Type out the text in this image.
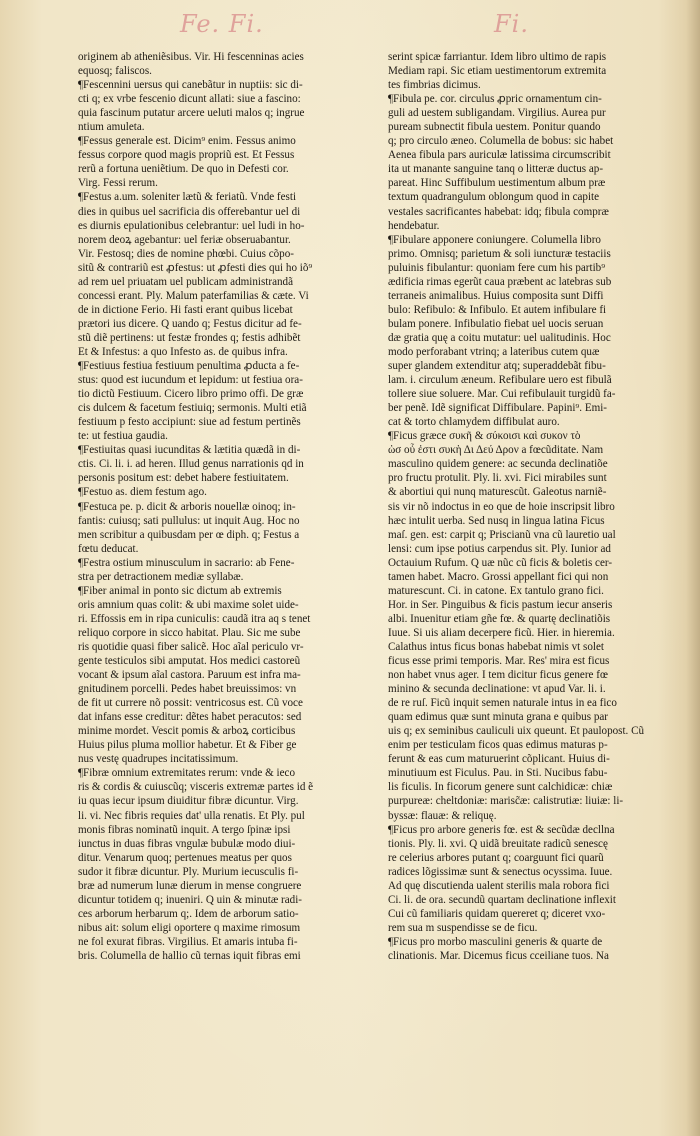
Fe. Fi.	Fi.
originem ab atheniẽsibus. Vir. Hi fescenninas acies
equosq; faliscos.
¶Fescennini uersus qui canebãtur in nuptiis: sic di-
cti q; ex vrbe fescenio dicunt allati: siue a fascino:
quia fascinum putatur arcere ueluti malos q; ingrue
ntium amuleta.
¶Fessus generale est. Dicim⁹ enim. Fessus animo
fessus corpore quod magis propriũ est. Et Fessus
rerũ a fortuna ueniẽtium. De quo in Defesti cor.
Virg. Fessi rerum.
¶Festus a.um. soleniter lætũ & feriatũ. Vnde festi
dies in quibus uel sacrificia dis offerebantur uel di
es diurnis epulationibus celebrantur: uel ludi in ho-
norem deoꝝ agebantur: uel feriæ obseruabantur.
Vir. Festosq; dies de nomine phœbi. Cuius cõpo-
sitũ & contrariũ est ꝓfestus: ut ꝓfesti dies qui ho iõ⁹
ad rem uel priuatam uel publicam administrandã
concessi erant. Ply. Malum paterfamilias & cæte. Vi
de in dictione Ferio. Hi fasti erant quibus licebat
prætori ius dicere. Q uando q; Festus dicitur ad fe-
stũ diẽ pertinens: ut festæ frondes q; festis adhibẽt
Et & Infestus: a quo Infesto as. de quibus infra.
¶Festiuus festiua festiuum penultima ꝓducta a fe-
stus: quod est iucundum et lepidum: ut festiua ora-
tio dictũ Festiuum. Cicero libro primo offi. De græ
cis dulcem & facetum festiuiq; sermonis. Multi etiã
festiuum p festo accipiunt: siue ad festum pertinẽs
te: ut festiua gaudia.
¶Festiuitas quasi iucunditas & lætitia quædã in di-
ctis. Ci. li. i. ad heren. Illud genus narrationis qd in
personis positum est: debet habere festiuitatem.
¶Festuo as. diem festum ago.
¶Festuca pe. p. dicit & arboris nouellæ oinoq; in-
fantis: cuiusq; sati pullulus: ut inquit Aug. Hoc no
men scribitur a quibusdam per œ diph. q; Festus a
fœtu deducat.
¶Festra ostium minusculum in sacrario: ab Fene-
stra per detractionem mediæ syllabæ.
¶Fiber animal in ponto sic dictum ab extremis
oris amnium quas colit: & ubi maxime solet uide-
ri. Effossis em in ripa cuniculis: caudã itra aq s tenet
reliquo corpore in sicco habitat. Plau. Sic me sube
ris quotidie quasi fiber salicẽ. Hoc aĩal periculo vr-
gente testiculos sibi amputat. Hos medici castoreũ
vocant & ipsum aĩal castora. Paruum est infra ma-
gnitudinem porcelli. Pedes habet breuissimos: vn
de fit ut currere nõ possit: ventricosus est. Cũ voce
dat infans esse creditur: dẽtes habet peracutos: sed
minime mordet. Vescit pomis & arboꝝ corticibus
Huius pilus pluma mollior habetur. Et & Fiber ge
nus vestę quadrupes incitatissimum.
¶Fibræ omnium extremitates rerum: vnde & ieco
ris & cordis & cuiuscũq; visceris extremæ partes id ẽ
iu quas iecur ipsum diuiditur fibræ dicuntur. Virg.
li. vi. Nec fibris requies dat' ulla renatis. Et Ply. pul
monis fibras nominatũ inquit. A tergo ſpinæ ipsi
iunctus in duas fibras vngulæ bubulæ modo diui-
ditur. Venarum quoq; pertenues meatus per quos
sudor it fibræ dicuntur. Ply. Murium iecusculis fi-
bræ ad numerum lunæ dierum in mense congruere
dicuntur totidem q; inueniri. Q uin & minutæ radi-
ces arborum herbarum q;. Idem de arborum satio-
nibus ait: solum eligi oportere q maxime rimosum
ne fol exurat fibras. Virgilius. Et amaris intuba fi-
bris. Columella de hallio cũ ternas iquit fibras emi
serint spicæ farriantur. Idem libro ultimo de rapis
Mediam rapi. Sic etiam uestimentorum extremita
tes fimbrias dicimus.
¶Fibula pe. cor. circulus ꝓpric ornamentum cin-
guli ad uestem subligandam. Virgilius. Aurea pur
puream subnectit fibula uestem. Ponitur quando
q; pro circulo æneo. Columella de bobus: sic habet
Aenea fibula pars auriculæ latissima circumscribit
ita ut manante sanguine tanq o litteræ ductus ap-
pareat. Hinc Suffibulum uestimentum album præ
textum quadrangulum oblongum quod in capite
vestales sacrificantes habebat: idq; fibula compræ
hendebatur.
¶Fibulare apponere coniungere. Columella libro
primo. Omnisq; parietum & soli iuncturæ testaciis
puluinis fibulantur: quoniam fere cum his partib⁹
ædificia rimas egerũt caua præbent ac latebras sub
terraneis animalibus. Huius composita sunt Diffi
bulo: Refibulo: & Infibulo. Et autem infibulare fi
bulam ponere. Infibulatio fiebat uel uocis seruan
dæ gratia quę a coitu mutatur: uel ualitudinis. Hoc
modo perforabant vtrinq; a lateribus cutem quæ
super glandem extenditur atq; superaddebãt fibu-
lam. i. circulum æneum. Refibulare uero est fibulã
tollere siue soluere. Mar. Cui refibulauit turgidũ fa-
ber penẽ. Idẽ significat Diffibulare. Papini⁹. Emi-
cat & torto chlamydem diffibulat auro.
¶Ficus græce συκῆ & σύκοισι καὶ συκον τὸ
ὡσ οὗ ἐστι συκὴ Δι Δεύ Δρον a fœcũditate. Nam
masculino quidem genere: ac secunda declinatiõe
pro fructu protulit. Ply. li. xvi. Fici mirabiles sunt
& abortiui qui nunq maturescũt. Galeotus narniẽ-
sis vir nõ indoctus in eo que de hoie inscripsit libro
hæc intulit uerba. Sed nusq in lingua latina Ficus
maſ. gen. est: carpit q; Priscianũ vna cũ lauretio ual
lensi: cum ipse potius carpendus sit. Ply. Iunior ad
Octauium Rufum. Q uæ nũc cũ ficis & boletis cer-
tamen habet. Macro. Grossi appellant fici qui non
maturescunt. Ci. in catone. Ex tantulo grano fici.
Hor. in Ser. Pinguibus & ficis pastum iecur anseris
albi. Inuenitur etiam gñe fœ. & quartę declinatiõis
Iuue. Si uis aliam decerpere ficũ. Hier. in hieremia.
Calathus intus ficus bonas habebat nimis vt solet
ficus esse primi temporis. Mar. Res' mira est ficus
non habet vnus ager. I tem dicitur ficus genere fœ
minino & secunda declinatione: vt apud Var. li. i.
de re ruſ. Ficũ inquit semen naturale intus in ea fico
quam edimus quæ sunt minuta grana e quibus par
uis q; ex seminibus cauliculi uix queunt. Et paulopost. Cũ
enim per testiculam ficos quas edimus maturas p-
ferunt & eas cum maturuerint cõplicant. Huius di-
minutiuum est Ficulus. Pau. in Sti. Nucibus fabu-
lis ficulis. In ficorum genere sunt calchidicæ: chiæ
purpureæ: cheltdoniæ: marisc̃æ: calistrutiæ: liuiæ: li-
byssæ: flauæ: & reliquę.
¶Ficus pro arbore generis fœ. est & secũdæ decllna
tionis. Ply. li. xvi. Q uidã breuitate radicũ senescę
re celerius arbores putant q; coarguunt fici quarũ
radices lõgissimæ sunt & senectus ocyssima. Iuue.
Ad quę discutienda ualent sterilis mala robora fici
Ci. li. de ora. secundũ quartam declinatione inflexit
Cui cũ familiaris quidam quereret q; diceret vxo-
rem sua m suspendisse se de ficu.
¶Ficus pro morbo masculini generis & quarte de
clinationis. Mar. Dicemus ficus cceiliane tuos. Na
